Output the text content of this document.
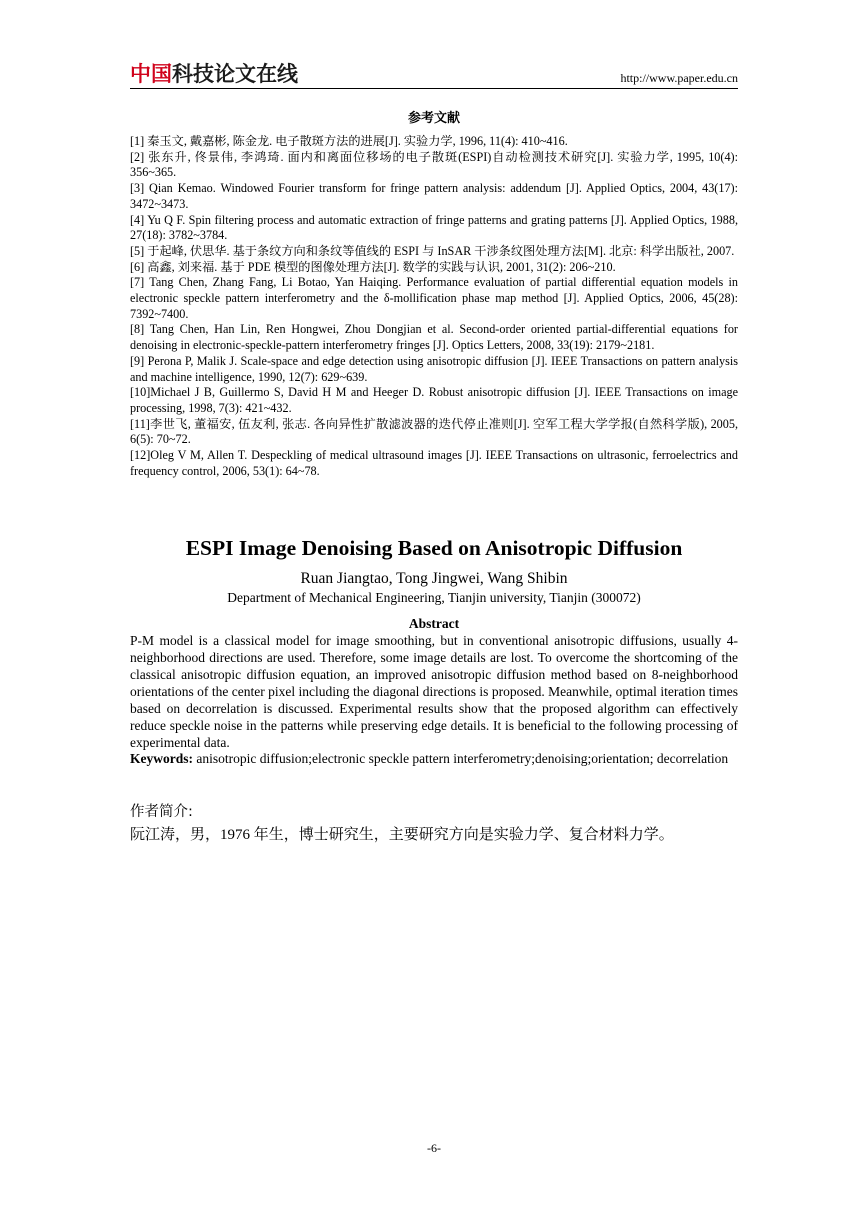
中国科技论文在线	http://www.paper.edu.cn
参考文献

[1] 秦玉文, 戴嘉彬, 陈金龙. 电子散斑方法的进展[J]. 实验力学, 1996, 11(4): 410~416.

[2] 张东升, 佟景伟, 李鸿琦. 面内和离面位移场的电子散斑(ESPI)自动检测技术研究[J]. 实验力学, 1995, 10(4): 356~365.

[3] Qian Kemao. Windowed Fourier transform for fringe pattern analysis: addendum [J]. Applied Optics, 2004, 43(17): 3472~3473.

[4] Yu Q F. Spin filtering process and automatic extraction of fringe patterns and grating patterns [J]. Applied Optics, 1988, 27(18): 3782~3784.

[5] 于起峰, 伏思华. 基于条纹方向和条纹等值线的 ESPI 与 InSAR 干涉条纹图处理方法[M]. 北京: 科学出版社, 2007.

[6] 高鑫, 刘来福. 基于 PDE 模型的图像处理方法[J]. 数学的实践与认识, 2001, 31(2): 206~210.

[7] Tang Chen, Zhang Fang, Li Botao, Yan Haiqing. Performance evaluation of partial differential equation models in electronic speckle pattern interferometry and the δ-mollification phase map method [J]. Applied Optics, 2006, 45(28): 7392~7400.

[8] Tang Chen, Han Lin, Ren Hongwei, Zhou Dongjian et al. Second-order oriented partial-differential equations for denoising in electronic-speckle-pattern interferometry fringes [J]. Optics Letters, 2008, 33(19): 2179~2181.

[9] Perona P, Malik J. Scale-space and edge detection using anisotropic diffusion [J]. IEEE Transactions on pattern analysis and machine intelligence, 1990, 12(7): 629~639.

[10]Michael J B, Guillermo S, David H M and Heeger D. Robust anisotropic diffusion [J]. IEEE Transactions on image processing, 1998, 7(3): 421~432.

[11]李世飞, 董福安, 伍友利, 张志. 各向异性扩散滤波器的迭代停止准则[J]. 空军工程大学学报(自然科学版), 2005, 6(5): 70~72.

[12]Oleg V M, Allen T. Despeckling of medical ultrasound images [J]. IEEE Transactions on ultrasonic, ferroelectrics and frequency control, 2006, 53(1): 64~78.

ESPI Image Denoising Based on Anisotropic Diffusion
Ruan Jiangtao, Tong Jingwei, Wang Shibin
Department of Mechanical Engineering, Tianjin university, Tianjin (300072)
Abstract

P-M model is a classical model for image smoothing, but in conventional anisotropic diffusions, usually 4-neighborhood directions are used. Therefore, some image details are lost. To overcome the shortcoming of the classical anisotropic diffusion equation, an improved anisotropic diffusion method based on 8-neighborhood orientations of the center pixel including the diagonal directions is proposed. Meanwhile, optimal iteration times based on decorrelation is discussed. Experimental results show that the proposed algorithm can effectively reduce speckle noise in the patterns while preserving edge details. It is beneficial to the following processing of experimental data.

Keywords: anisotropic diffusion;electronic speckle pattern interferometry;denoising;orientation; decorrelation

作者简介:
阮江涛，男，1976 年生，博士研究生，主要研究方向是实验力学、复合材料力学。
-6-
